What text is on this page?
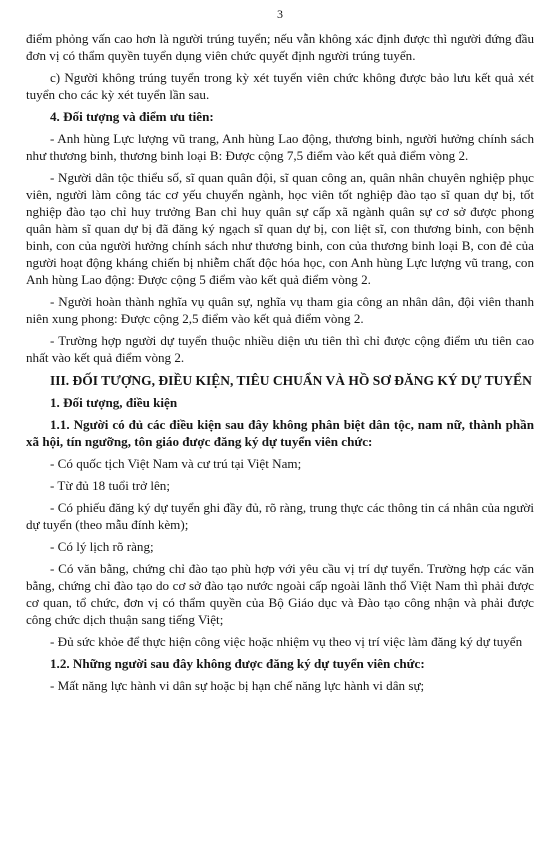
3

điểm phỏng vấn cao hơn là người trúng tuyển; nếu vẫn không xác định được thì người đứng đầu đơn vị có thẩm quyền tuyển dụng viên chức quyết định người trúng tuyển.

c) Người không trúng tuyển trong kỳ xét tuyển viên chức không được bảo lưu kết quả xét tuyển cho các kỳ xét tuyển lần sau.

4. Đối tượng và điểm ưu tiên:

- Anh hùng Lực lượng vũ trang, Anh hùng Lao động, thương binh, người hưởng chính sách như thương binh, thương binh loại B: Được cộng 7,5 điểm vào kết quả điểm vòng 2.

- Người dân tộc thiểu số, sĩ quan quân đội, sĩ quan công an, quân nhân chuyên nghiệp phục viên, người làm công tác cơ yếu chuyển ngành, học viên tốt nghiệp đào tạo sĩ quan dự bị, tốt nghiệp đào tạo chỉ huy trưởng Ban chỉ huy quân sự cấp xã ngành quân sự cơ sở được phong quân hàm sĩ quan dự bị đã đăng ký ngạch sĩ quan dự bị, con liệt sĩ, con thương binh, con bệnh binh, con của người hưởng chính sách như thương binh, con của thương binh loại B, con đẻ của người hoạt động kháng chiến bị nhiễm chất độc hóa học, con Anh hùng Lực lượng vũ trang, con Anh hùng Lao động: Được cộng 5 điểm vào kết quả điểm vòng 2.

- Người hoàn thành nghĩa vụ quân sự, nghĩa vụ tham gia công an nhân dân, đội viên thanh niên xung phong: Được cộng 2,5 điểm vào kết quả điểm vòng 2.

- Trường hợp người dự tuyển thuộc nhiều diện ưu tiên thì chỉ được cộng điểm ưu tiên cao nhất vào kết quả điểm vòng 2.

III. ĐỐI TƯỢNG, ĐIỀU KIỆN, TIÊU CHUẨN VÀ HỒ SƠ ĐĂNG KÝ DỰ TUYỂN

1. Đối tượng, điều kiện

1.1. Người có đủ các điều kiện sau đây không phân biệt dân tộc, nam nữ, thành phần xã hội, tín ngưỡng, tôn giáo được đăng ký dự tuyển viên chức:

- Có quốc tịch Việt Nam và cư trú tại Việt Nam;

- Từ đủ 18 tuổi trở lên;

- Có phiếu đăng ký dự tuyển ghi đầy đủ, rõ ràng, trung thực các thông tin cá nhân của người dự tuyển (theo mẫu đính kèm);

- Có lý lịch rõ ràng;

- Có văn bằng, chứng chỉ đào tạo phù hợp với yêu cầu vị trí dự tuyển. Trường hợp các văn bằng, chứng chỉ đào tạo do cơ sở đào tạo nước ngoài cấp ngoài lãnh thổ Việt Nam thì phải được cơ quan, tổ chức, đơn vị có thẩm quyền của Bộ Giáo dục và Đào tạo công nhận và phải được công chức dịch thuận sang tiếng Việt;

- Đủ sức khỏe để thực hiện công việc hoặc nhiệm vụ theo vị trí việc làm đăng ký dự tuyển

1.2. Những người sau đây không được đăng ký dự tuyển viên chức:

- Mất năng lực hành vi dân sự hoặc bị hạn chế năng lực hành vi dân sự;
